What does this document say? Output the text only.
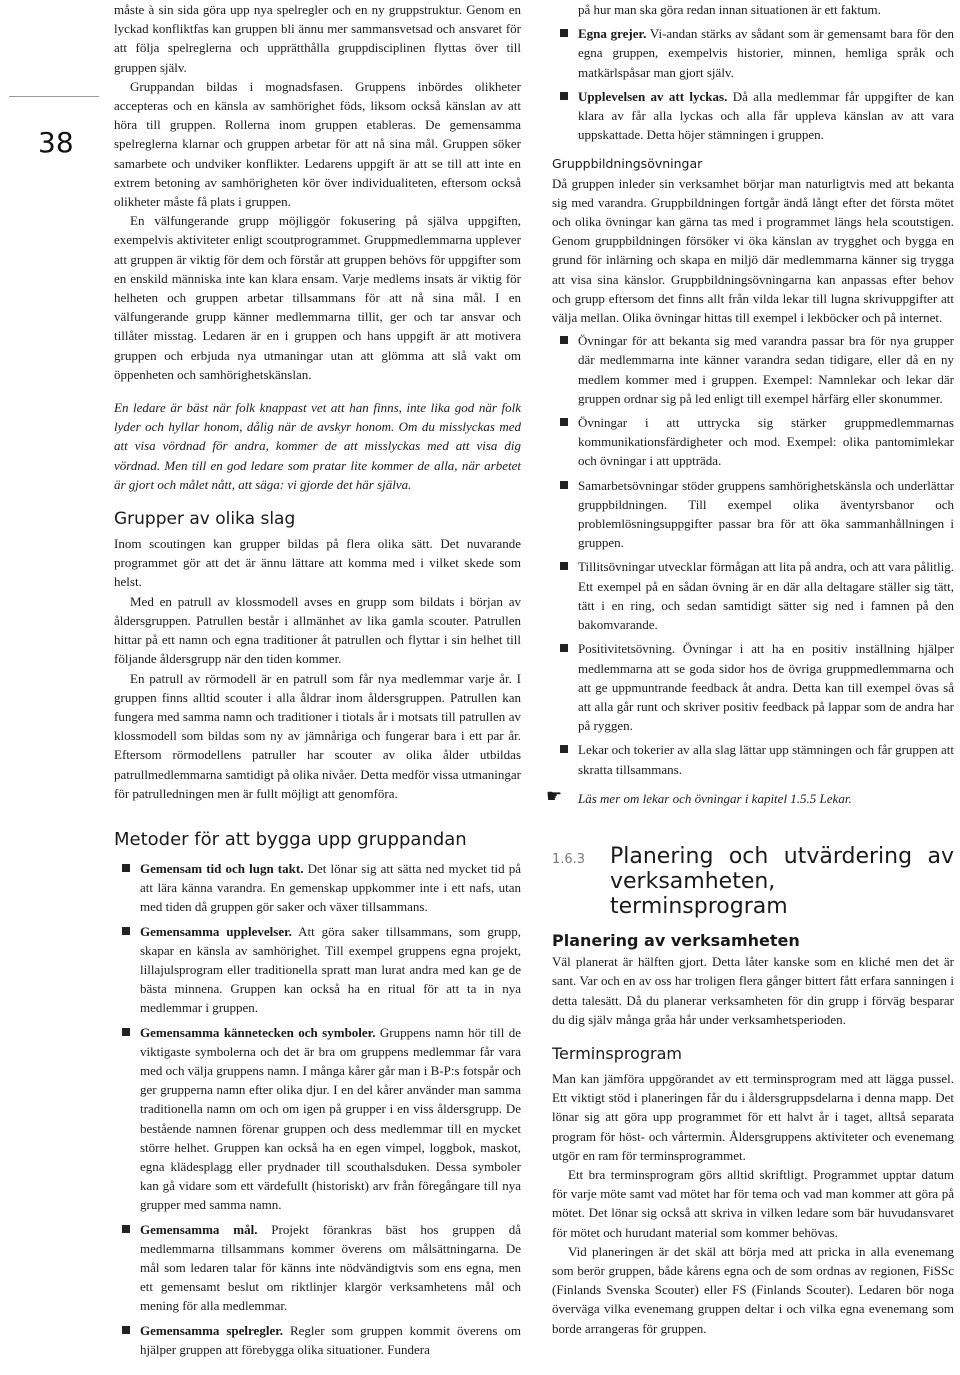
38

måste à sin sida göra upp nya spelregler och en ny gruppstruktur. Genom en lyckad konfliktfas kan gruppen bli ännu mer sammansvetsad och ansvaret för att följa spelreglerna och upprätthålla gruppdisciplinen flyttas över till gruppen själv.

Gruppandan bildas i mognadsfasen. Gruppens inbördes olikheter accepteras och en känsla av samhörighet föds, liksom också känslan av att höra till gruppen. Rollerna inom gruppen etableras. De gemensamma spelreglerna klarnar och gruppen arbetar för att nå sina mål. Gruppen söker samarbete och undviker konflikter. Ledarens uppgift är att se till att inte en extrem betoning av samhörigheten kör över individualiteten, eftersom också olikheter måste få plats i gruppen.

En välfungerande grupp möjliggör fokusering på själva uppgiften, exempelvis aktiviteter enligt scoutprogrammet. Gruppmedlemmarna upplever att gruppen är viktig för dem och förstår att gruppen behövs för uppgifter som en enskild människa inte kan klara ensam. Varje medlems insats är viktig för helheten och gruppen arbetar tillsammans för att nå sina mål. I en välfungerande grupp känner medlemmarna tillit, ger och tar ansvar och tillåter misstag. Ledaren är en i gruppen och hans uppgift är att motivera gruppen och erbjuda nya utmaningar utan att glömma att slå vakt om öppenheten och samhörighetskänslan.

En ledare är bäst när folk knappast vet att han finns, inte lika god när folk lyder och hyllar honom, dålig när de avskyr honom. Om du misslyckas med att visa vördnad för andra, kommer de att misslyckas med att visa dig vördnad. Men till en god ledare som pratar lite kommer de alla, när arbetet är gjort och målet nått, att säga: vi gjorde det här själva.

Grupper av olika slag

Inom scoutingen kan grupper bildas på flera olika sätt. Det nuvarande programmet gör att det är ännu lättare att komma med i vilket skede som helst.

Med en patrull av klossmodell avses en grupp som bildats i början av åldersgruppen. Patrullen består i allmänhet av lika gamla scouter. Patrullen hittar på ett namn och egna traditioner åt patrullen och flyttar i sin helhet till följande åldersgrupp när den tiden kommer.

En patrull av rörmodell är en patrull som får nya medlemmar varje år. I gruppen finns alltid scouter i alla åldrar inom åldersgruppen. Patrullen kan fungera med samma namn och traditioner i tiotals år i motsats till patrullen av klossmodell som bildas som ny av jämnåriga och fungerar bara i ett par år. Eftersom rörmodellens patruller har scouter av olika ålder utbildas patrullmedlemmarna samtidigt på olika nivåer. Detta medför vissa utmaningar för patrulledningen men är fullt möjligt att genomföra.

Metoder för att bygga upp gruppandan
Gemensam tid och lugn takt. Det lönar sig att sätta ned mycket tid på att lära känna varandra. En gemenskap uppkommer inte i ett nafs, utan med tiden då gruppen gör saker och växer tillsammans.
Gemensamma upplevelser. Att göra saker tillsammans, som grupp, skapar en känsla av samhörighet. Till exempel gruppens egna projekt, lillajulsprogram eller traditionella spratt man lurat andra med kan ge de bästa minnena. Gruppen kan också ha en ritual för att ta in nya medlemmar i gruppen.
Gemensamma kännetecken och symboler. Gruppens namn hör till de viktigaste symbolerna och det är bra om gruppens medlemmar får vara med och välja gruppens namn. I många kårer går man i B-P:s fotspår och ger grupperna namn efter olika djur. I en del kårer använder man samma traditionella namn om och om igen på grupper i en viss åldersgrupp. De bestående namnen förenar gruppen och dess medlemmar till en mycket större helhet. Gruppen kan också ha en egen vimpel, loggbok, maskot, egna klädesplagg eller prydnader till scouthalsduken. Dessa symboler kan gå vidare som ett värdefullt (historiskt) arv från föregångare till nya grupper med samma namn.
Gemensamma mål. Projekt förankras bäst hos gruppen då medlemmarna tillsammans kommer överens om målsättningarna. De mål som ledaren talar för känns inte nödvändigtvis som ens egna, men ett gemensamt beslut om riktlinjer klargör verksamhetens mål och mening för alla medlemmar.
Gemensamma spelregler. Regler som gruppen kommit överens om hjälper gruppen att förebygga olika situationer. Fundera

på hur man ska göra redan innan situationen är ett faktum.

Egna grejer. Vi-andan stärks av sådant som är gemensamt bara för den egna gruppen, exempelvis historier, minnen, hemliga språk och matkärlspåsar man gjort själv.
Upplevelsen av att lyckas. Då alla medlemmar får uppgifter de kan klara av får alla lyckas och alla får uppleva känslan av att vara uppskattade. Detta höjer stämningen i gruppen.
Gruppbildningsövningar

Då gruppen inleder sin verksamhet börjar man naturligtvis med att bekanta sig med varandra. Gruppbildningen fortgår ändå långt efter det första mötet och olika övningar kan gärna tas med i programmet längs hela scoutstigen. Genom gruppbildningen försöker vi öka känslan av trygghet och bygga en grund för inlärning och skapa en miljö där medlemmarna känner sig trygga att visa sina känslor. Gruppbildningsövningarna kan anpassas efter behov och grupp eftersom det finns allt från vilda lekar till lugna skrivuppgifter att välja mellan. Olika övningar hittas till exempel i lekböcker och på internet.

Övningar för att bekanta sig med varandra passar bra för nya grupper där medlemmarna inte känner varandra sedan tidigare, eller då en ny medlem kommer med i gruppen. Exempel: Namnlekar och lekar där gruppen ordnar sig på led enligt till exempel hårfärg eller skonummer.
Övningar i att uttrycka sig stärker gruppmedlemmarnas kommunikationsfärdigheter och mod. Exempel: olika pantomimlekar och övningar i att uppträda.
Samarbetsövningar stöder gruppens samhörighetskänsla och underlättar gruppbildningen. Till exempel olika äventyrsbanor och problemlösningsuppgifter passar bra för att öka sammanhållningen i gruppen.
Tillitsövningar utvecklar förmågan att lita på andra, och att vara pålitlig. Ett exempel på en sådan övning är en där alla deltagare ställer sig tätt, tätt i en ring, och sedan samtidigt sätter sig ned i famnen på den bakomvarande.
Positivitetsövning. Övningar i att ha en positiv inställning hjälper medlemmarna att se goda sidor hos de övriga gruppmedlemmarna och att ge uppmuntrande feedback åt andra. Detta kan till exempel övas så att alla går runt och skriver positiv feedback på lappar som de andra har på ryggen.
Lekar och tokerier av alla slag lättar upp stämningen och får gruppen att skratta tillsammans.

☛ Läs mer om lekar och övningar i kapitel 1.5.5 Lekar.

1.6.3 Planering och utvärdering av verksamheten, terminsprogram
Planering av verksamheten

Väl planerat är hälften gjort. Detta låter kanske som en kliché men det är sant. Var och en av oss har troligen flera gånger bittert fått erfara sanningen i detta talesätt. Då du planerar verksamheten för din grupp i förväg besparar du dig själv många gråa hår under verksamhetsperioden.

Terminsprogram

Man kan jämföra uppgörandet av ett terminsprogram med att lägga pussel. Ett viktigt stöd i planeringen får du i åldersgruppsdelarna i denna mapp. Det lönar sig att göra upp programmet för ett halvt år i taget, alltså separata program för höst- och vårtermin. Åldersgruppens aktiviteter och evenemang utgör en ram för terminsprogrammet.

Ett bra terminsprogram görs alltid skriftligt. Programmet upptar datum för varje möte samt vad mötet har för tema och vad man kommer att göra på mötet. Det lönar sig också att skriva in vilken ledare som bär huvudansvaret för mötet och hurudant material som kommer behövas.

Vid planeringen är det skäl att börja med att pricka in alla evenemang som berör gruppen, både kårens egna och de som ordnas av regionen, FiSSc (Finlands Svenska Scouter) eller FS (Finlands Scouter). Ledaren bör noga överväga vilka evenemang gruppen deltar i och vilka egna evenemang som borde arrangeras för gruppen.
